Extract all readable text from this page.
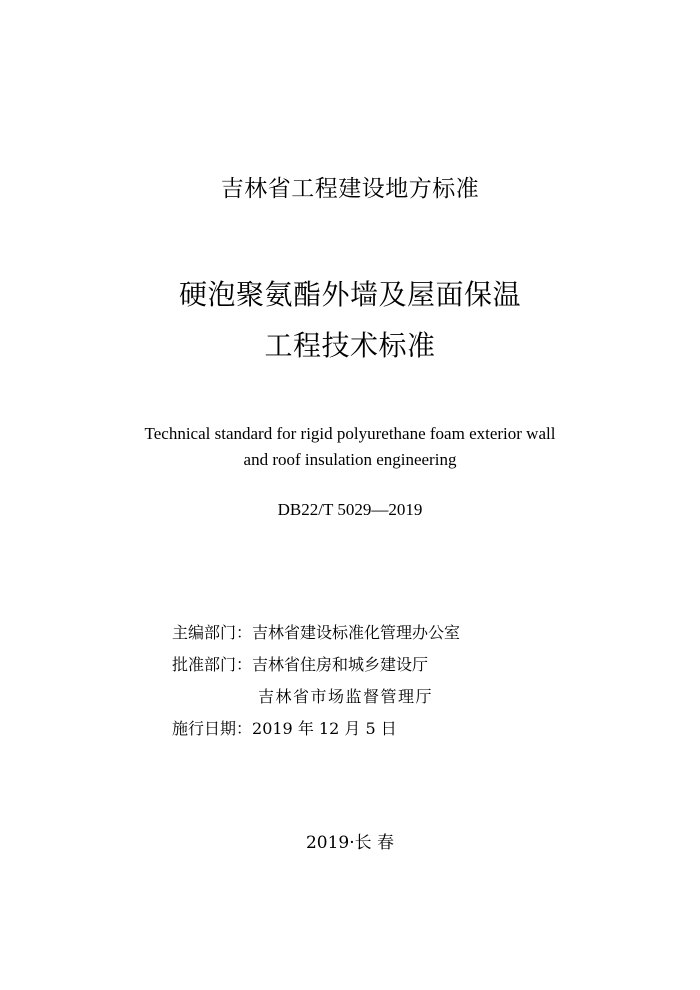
吉林省工程建设地方标准
硬泡聚氨酯外墙及屋面保温
工程技术标准
Technical standard for rigid polyurethane foam exterior wall
and roof insulation engineering
DB22/T 5029—2019
主编部门：吉林省建设标准化管理办公室
批准部门：吉林省住房和城乡建设厅
吉林省市场监督管理厅
施行日期：2019 年 12 月 5 日
2019·长 春
